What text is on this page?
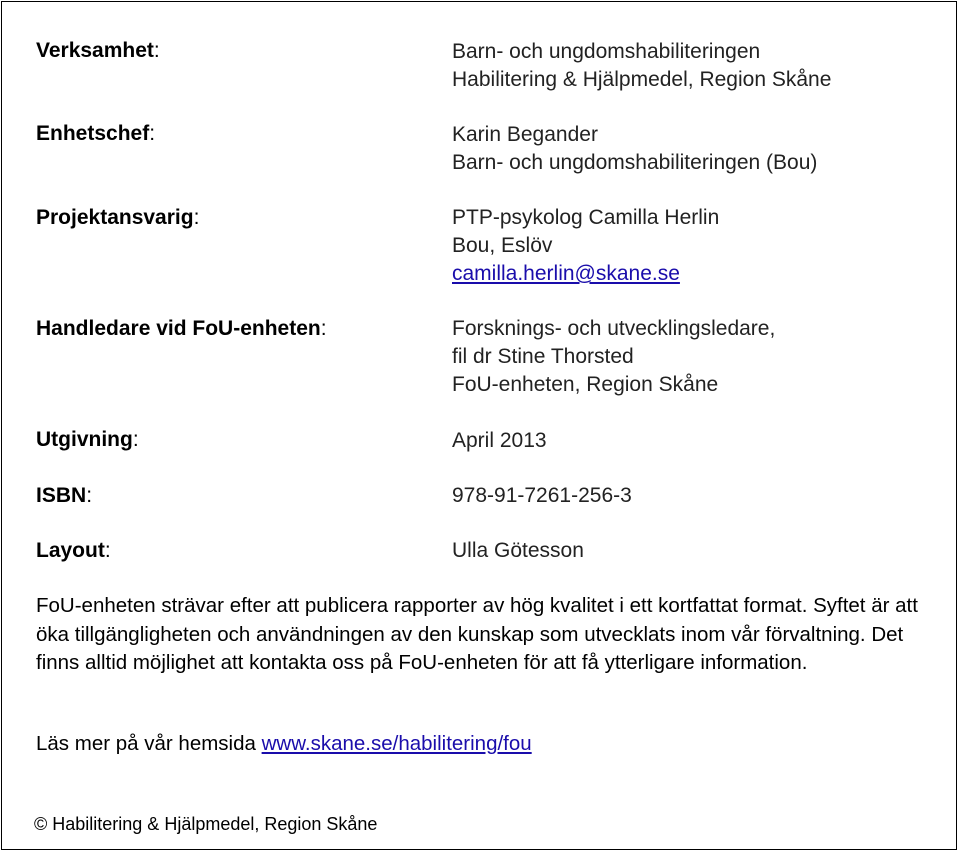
Verksamhet:	Barn- och ungdomshabiliteringen
Habilitering & Hjälpmedel, Region Skåne
Enhetschef:	Karin Begander
Barn- och ungdomshabiliteringen (Bou)
Projektansvarig:	PTP-psykolog Camilla Herlin
Bou, Eslöv
camilla.herlin@skane.se
Handledare vid FoU-enheten:	Forsknings- och utvecklingsledare,
fil dr Stine Thorsted
FoU-enheten, Region Skåne
Utgivning:	April 2013
ISBN:	978-91-7261-256-3
Layout:	Ulla Götesson

FoU-enheten strävar efter att publicera rapporter av hög kvalitet i ett kortfattat format. Syftet är att öka tillgängligheten och användningen av den kunskap som utvecklats inom vår förvaltning. Det finns alltid möjlighet att kontakta oss på FoU-enheten för att få ytterligare information.

Läs mer på vår hemsida www.skane.se/habilitering/fou
© Habilitering & Hjälpmedel, Region Skåne
